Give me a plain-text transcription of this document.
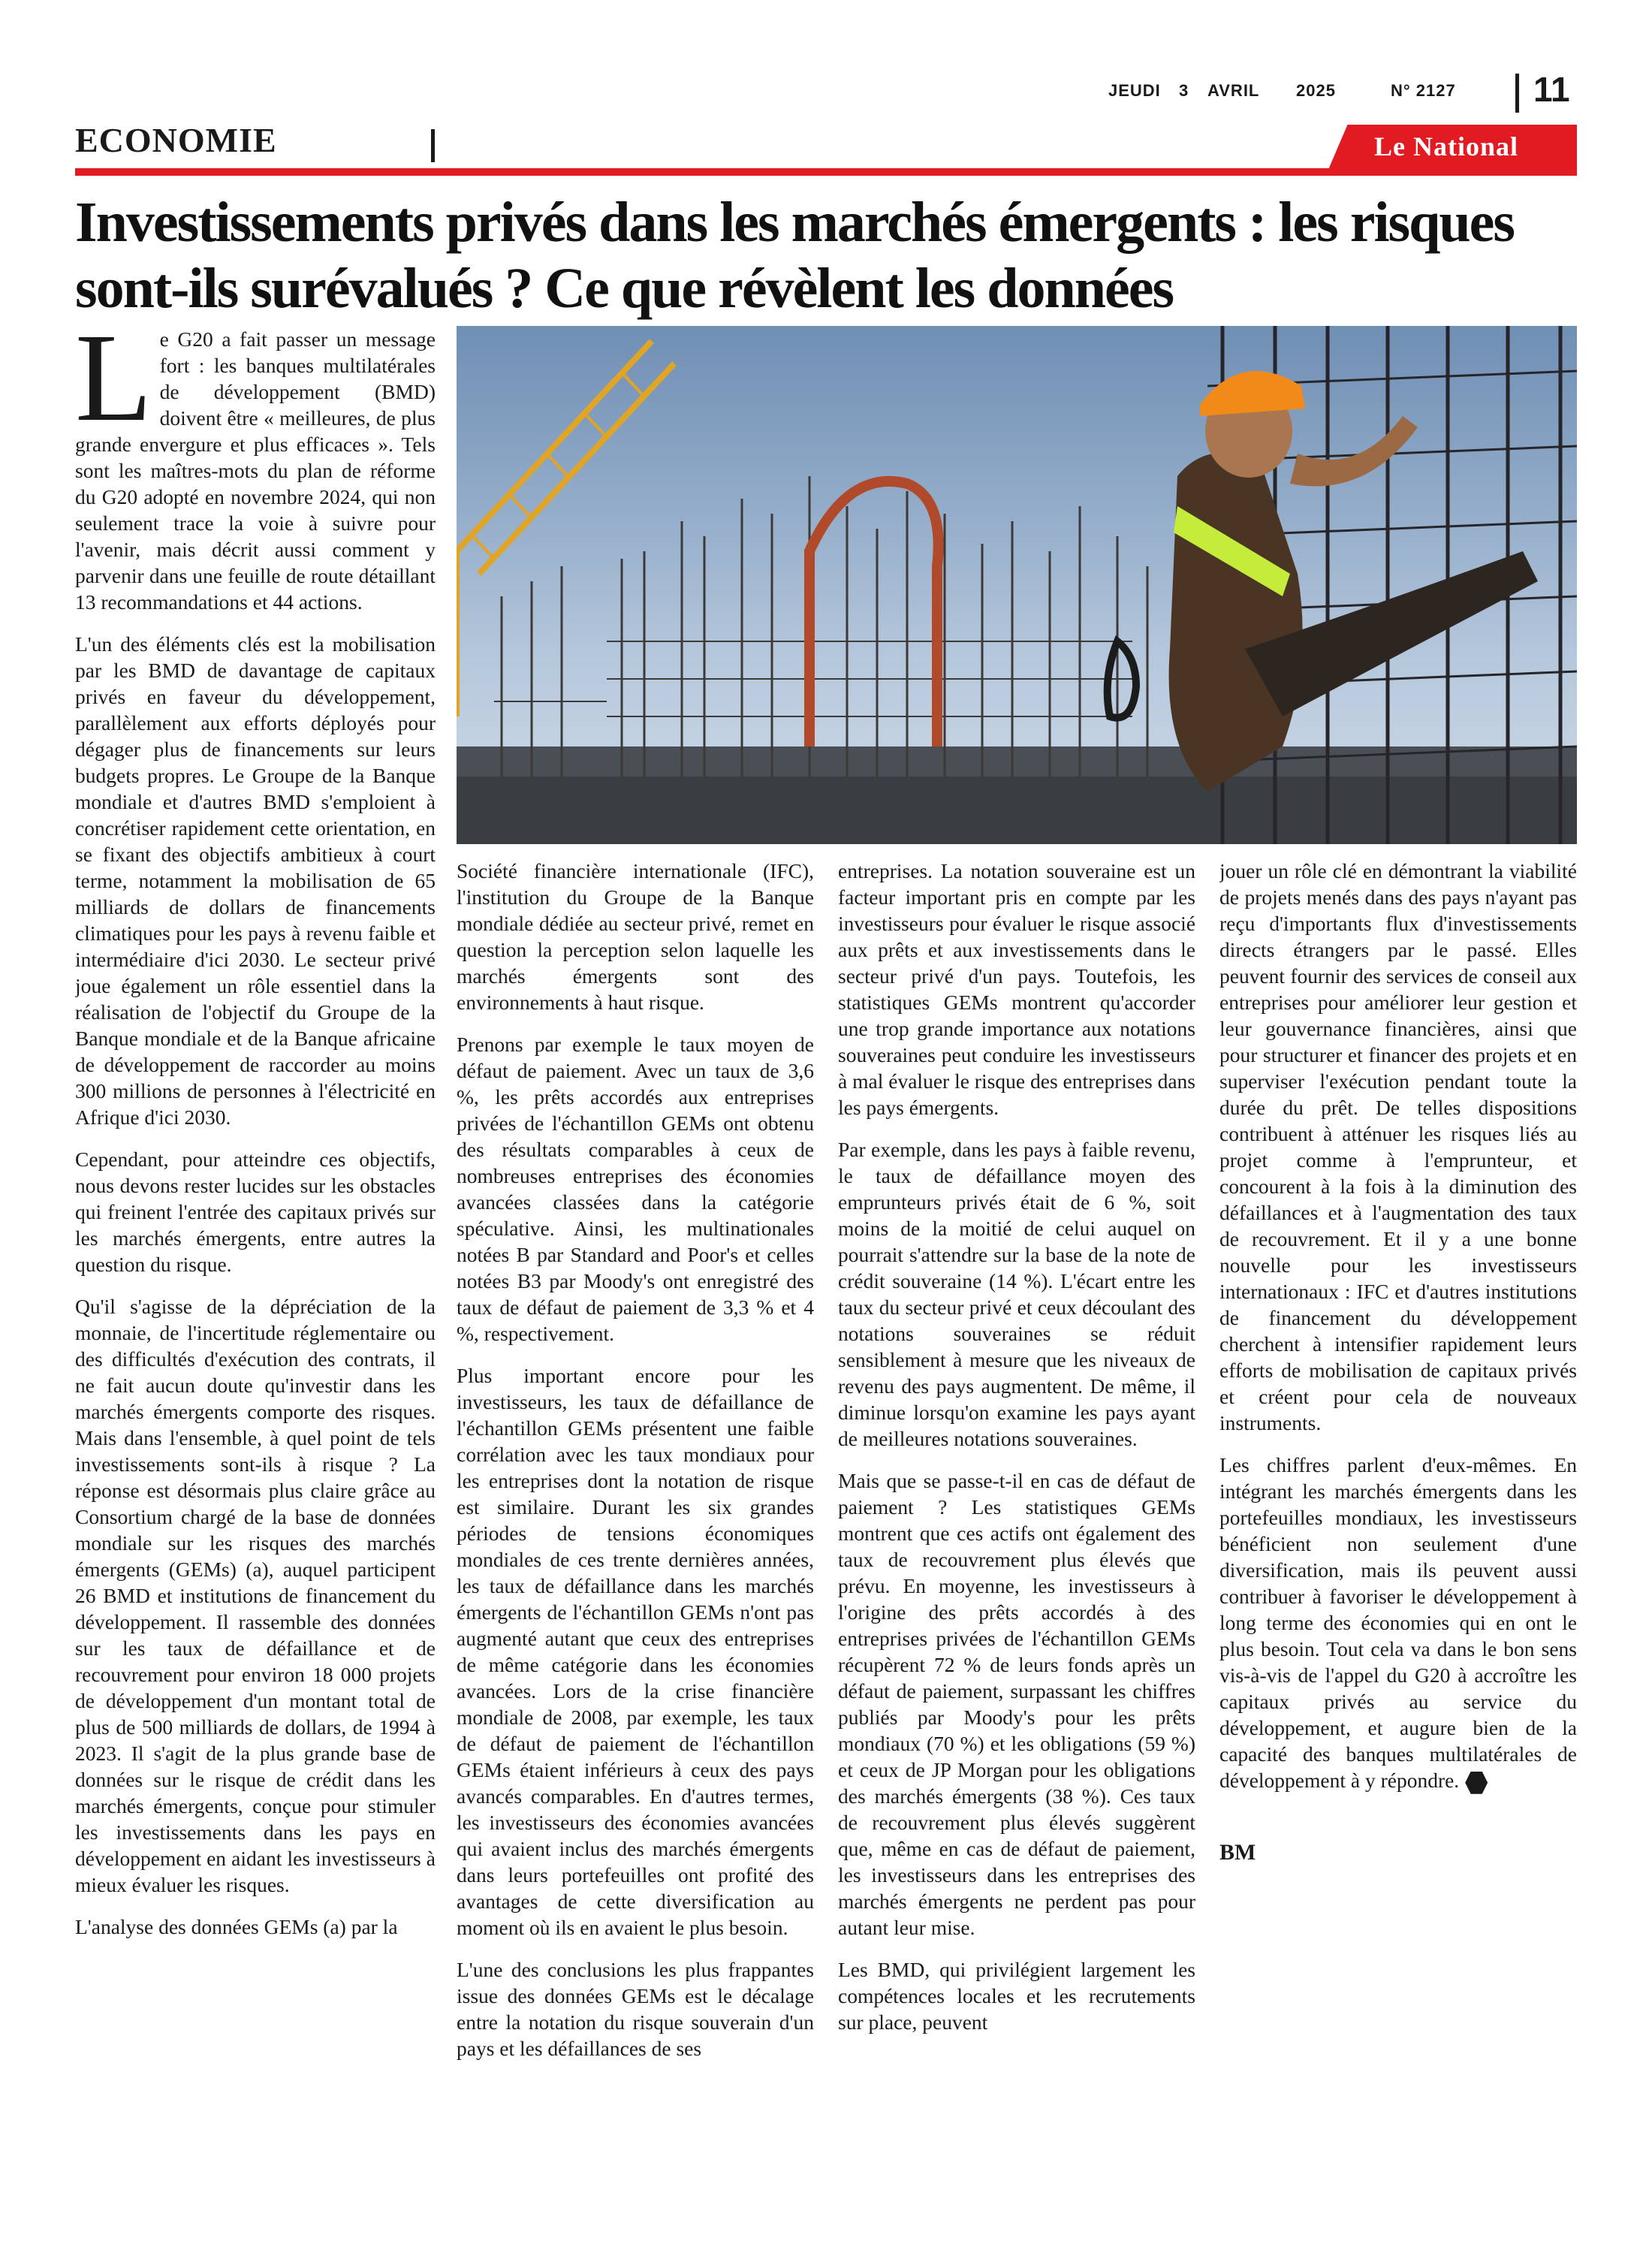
JEUDI 3 AVRIL 2025	N° 2127 11
ECONOMIE	Le National
Investissements privés dans les marchés émergents : les risques sont-ils surévalués ? Ce que révèlent les données

Le G20 a fait passer un message fort : les banques multilatérales de développement (BMD) doivent être « meilleures, de plus grande envergure et plus efficaces ». Tels sont les maîtres-mots du plan de réforme du G20 adopté en novembre 2024, qui non seulement trace la voie à suivre pour l'avenir, mais décrit aussi comment y parvenir dans une feuille de route détaillant 13 recommandations et 44 actions.

L'un des éléments clés est la mobilisation par les BMD de davantage de capitaux privés en faveur du développement, parallèlement aux efforts déployés pour dégager plus de financements sur leurs budgets propres. Le Groupe de la Banque mondiale et d'autres BMD s'emploient à concrétiser rapidement cette orientation, en se fixant des objectifs ambitieux à court terme, notamment la mobilisation de 65 milliards de dollars de financements climatiques pour les pays à revenu faible et intermédiaire d'ici 2030. Le secteur privé joue également un rôle essentiel dans la réalisation de l'objectif du Groupe de la Banque mondiale et de la Banque africaine de développement de raccorder au moins 300 millions de personnes à l'électricité en Afrique d'ici 2030.

Cependant, pour atteindre ces objectifs, nous devons rester lucides sur les obstacles qui freinent l'entrée des capitaux privés sur les marchés émergents, entre autres la question du risque.

Qu'il s'agisse de la dépréciation de la monnaie, de l'incertitude réglementaire ou des difficultés d'exécution des contrats, il ne fait aucun doute qu'investir dans les marchés émergents comporte des risques. Mais dans l'ensemble, à quel point de tels investissements sont-ils à risque ? La réponse est désormais plus claire grâce au Consortium chargé de la base de données mondiale sur les risques des marchés émergents (GEMs) (a), auquel participent 26 BMD et institutions de financement du développement. Il rassemble des données sur les taux de défaillance et de recouvrement pour environ 18 000 projets de développement d'un montant total de plus de 500 milliards de dollars, de 1994 à 2023. Il s'agit de la plus grande base de données sur le risque de crédit dans les marchés émergents, conçue pour stimuler les investissements dans les pays en développement en aidant les investisseurs à mieux évaluer les risques.

L'analyse des données GEMs (a) par la

Société financière internationale (IFC), l'institution du Groupe de la Banque mondiale dédiée au secteur privé, remet en question la perception selon laquelle les marchés émergents sont des environnements à haut risque.

Prenons par exemple le taux moyen de défaut de paiement. Avec un taux de 3,6 %, les prêts accordés aux entreprises privées de l'échantillon GEMs ont obtenu des résultats comparables à ceux de nombreuses entreprises des économies avancées classées dans la catégorie spéculative. Ainsi, les multinationales notées B par Standard and Poor's et celles notées B3 par Moody's ont enregistré des taux de défaut de paiement de 3,3 % et 4 %, respectivement.

Plus important encore pour les investisseurs, les taux de défaillance de l'échantillon GEMs présentent une faible corrélation avec les taux mondiaux pour les entreprises dont la notation de risque est similaire. Durant les six grandes périodes de tensions économiques mondiales de ces trente dernières années, les taux de défaillance dans les marchés émergents de l'échantillon GEMs n'ont pas augmenté autant que ceux des entreprises de même catégorie dans les économies avancées. Lors de la crise financière mondiale de 2008, par exemple, les taux de défaut de paiement de l'échantillon GEMs étaient inférieurs à ceux des pays avancés comparables. En d'autres termes, les investisseurs des économies avancées qui avaient inclus des marchés émergents dans leurs portefeuilles ont profité des avantages de cette diversification au moment où ils en avaient le plus besoin.

L'une des conclusions les plus frappantes issue des données GEMs est le décalage entre la notation du risque souverain d'un pays et les défaillances de ses

entreprises. La notation souveraine est un facteur important pris en compte par les investisseurs pour évaluer le risque associé aux prêts et aux investissements dans le secteur privé d'un pays. Toutefois, les statistiques GEMs montrent qu'accorder une trop grande importance aux notations souveraines peut conduire les investisseurs à mal évaluer le risque des entreprises dans les pays émergents.

Par exemple, dans les pays à faible revenu, le taux de défaillance moyen des emprunteurs privés était de 6 %, soit moins de la moitié de celui auquel on pourrait s'attendre sur la base de la note de crédit souveraine (14 %). L'écart entre les taux du secteur privé et ceux découlant des notations souveraines se réduit sensiblement à mesure que les niveaux de revenu des pays augmentent. De même, il diminue lorsqu'on examine les pays ayant de meilleures notations souveraines.

Mais que se passe-t-il en cas de défaut de paiement ? Les statistiques GEMs montrent que ces actifs ont également des taux de recouvrement plus élevés que prévu. En moyenne, les investisseurs à l'origine des prêts accordés à des entreprises privées de l'échantillon GEMs récupèrent 72 % de leurs fonds après un défaut de paiement, surpassant les chiffres publiés par Moody's pour les prêts mondiaux (70 %) et les obligations (59 %) et ceux de JP Morgan pour les obligations des marchés émergents (38 %). Ces taux de recouvrement plus élevés suggèrent que, même en cas de défaut de paiement, les investisseurs dans les entreprises des marchés émergents ne perdent pas pour autant leur mise.

Les BMD, qui privilégient largement les compétences locales et les recrutements sur place, peuvent

jouer un rôle clé en démontrant la viabilité de projets menés dans des pays n'ayant pas reçu d'importants flux d'investissements directs étrangers par le passé. Elles peuvent fournir des services de conseil aux entreprises pour améliorer leur gestion et leur gouvernance financières, ainsi que pour structurer et financer des projets et en superviser l'exécution pendant toute la durée du prêt. De telles dispositions contribuent à atténuer les risques liés au projet comme à l'emprunteur, et concourent à la fois à la diminution des défaillances et à l'augmentation des taux de recouvrement. Et il y a une bonne nouvelle pour les investisseurs internationaux : IFC et d'autres institutions de financement du développement cherchent à intensifier rapidement leurs efforts de mobilisation de capitaux privés et créent pour cela de nouveaux instruments.

Les chiffres parlent d'eux-mêmes. En intégrant les marchés émergents dans les portefeuilles mondiaux, les investisseurs bénéficient non seulement d'une diversification, mais ils peuvent aussi contribuer à favoriser le développement à long terme des économies qui en ont le plus besoin. Tout cela va dans le bon sens vis-à-vis de l'appel du G20 à accroître les capitaux privés au service du développement, et augure bien de la capacité des banques multilatérales de développement à y répondre.

BM
